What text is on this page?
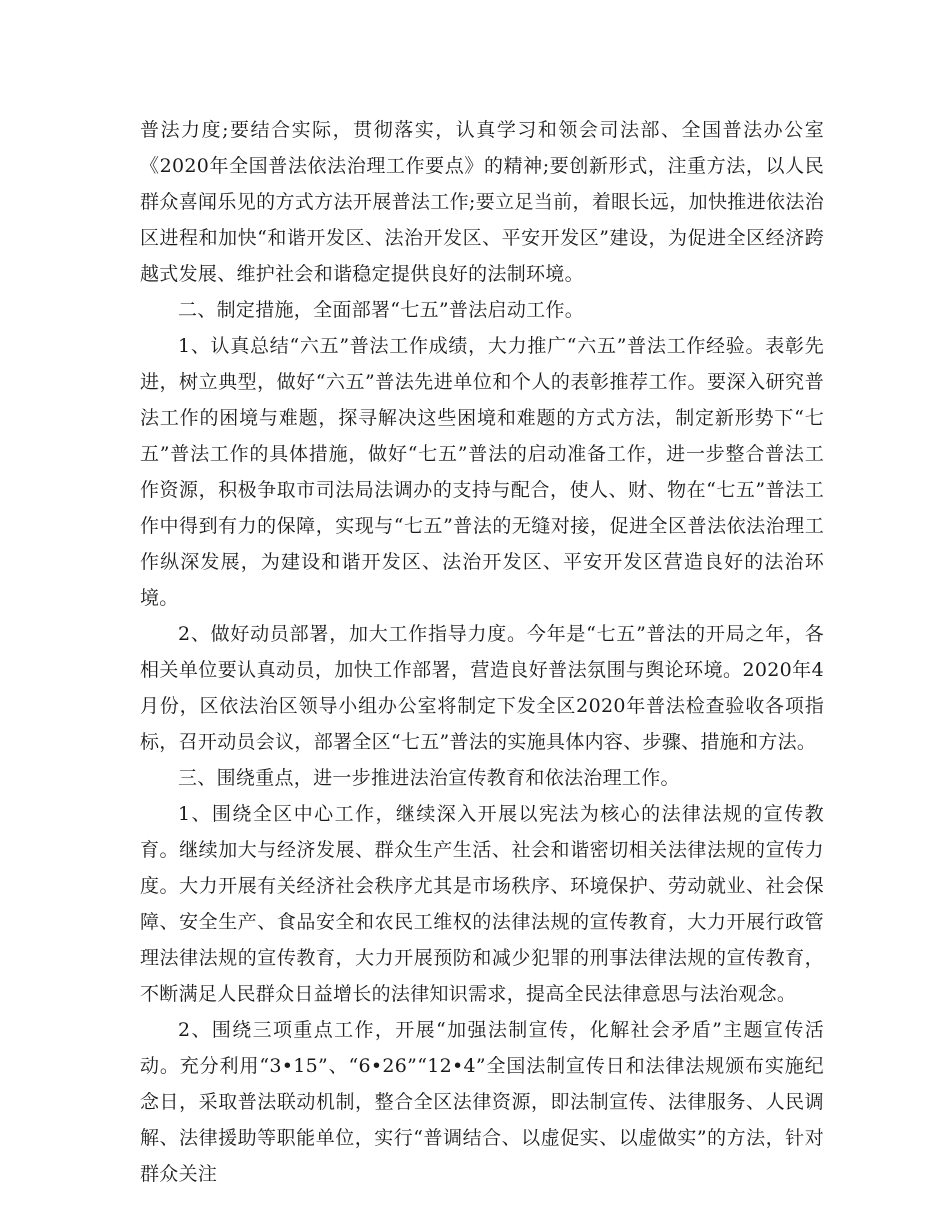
普法力度;要结合实际，贯彻落实，认真学习和领会司法部、全国普法办公室《2020年全国普法依法治理工作要点》的精神;要创新形式，注重方法，以人民群众喜闻乐见的方式方法开展普法工作;要立足当前，着眼长远，加快推进依法治区进程和加快“和谐开发区、法治开发区、平安开发区”建设，为促进全区经济跨越式发展、维护社会和谐稳定提供良好的法制环境。

二、制定措施，全面部署“七五”普法启动工作。

1、认真总结“六五”普法工作成绩，大力推广“六五”普法工作经验。表彰先进，树立典型，做好“六五”普法先进单位和个人的表彰推荐工作。要深入研究普法工作的困境与难题，探寻解决这些困境和难题的方式方法，制定新形势下“七五”普法工作的具体措施，做好“七五”普法的启动准备工作，进一步整合普法工作资源，积极争取市司法局法调办的支持与配合，使人、财、物在“七五”普法工作中得到有力的保障，实现与“七五”普法的无缝对接，促进全区普法依法治理工作纵深发展，为建设和谐开发区、法治开发区、平安开发区营造良好的法治环境。

2、做好动员部署，加大工作指导力度。今年是“七五”普法的开局之年，各相关单位要认真动员，加快工作部署，营造良好普法氛围与舆论环境。2020年4月份，区依法治区领导小组办公室将制定下发全区2020年普法检查验收各项指标，召开动员会议，部署全区“七五”普法的实施具体内容、步骤、措施和方法。

三、围绕重点，进一步推进法治宣传教育和依法治理工作。

1、围绕全区中心工作，继续深入开展以宪法为核心的法律法规的宣传教育。继续加大与经济发展、群众生产生活、社会和谐密切相关法律法规的宣传力度。大力开展有关经济社会秩序尤其是市场秩序、环境保护、劳动就业、社会保障、安全生产、食品安全和农民工维权的法律法规的宣传教育，大力开展行政管理法律法规的宣传教育，大力开展预防和减少犯罪的刑事法律法规的宣传教育，不断满足人民群众日益增长的法律知识需求，提高全民法律意思与法治观念。

2、围绕三项重点工作，开展“加强法制宣传，化解社会矛盾”主题宣传活动。充分利用“3•15”、“6•26”“12•4”全国法制宣传日和法律法规颁布实施纪念日，采取普法联动机制，整合全区法律资源，即法制宣传、法律服务、人民调解、法律援助等职能单位，实行“普调结合、以虚促实、以虚做实”的方法，针对群众关注
